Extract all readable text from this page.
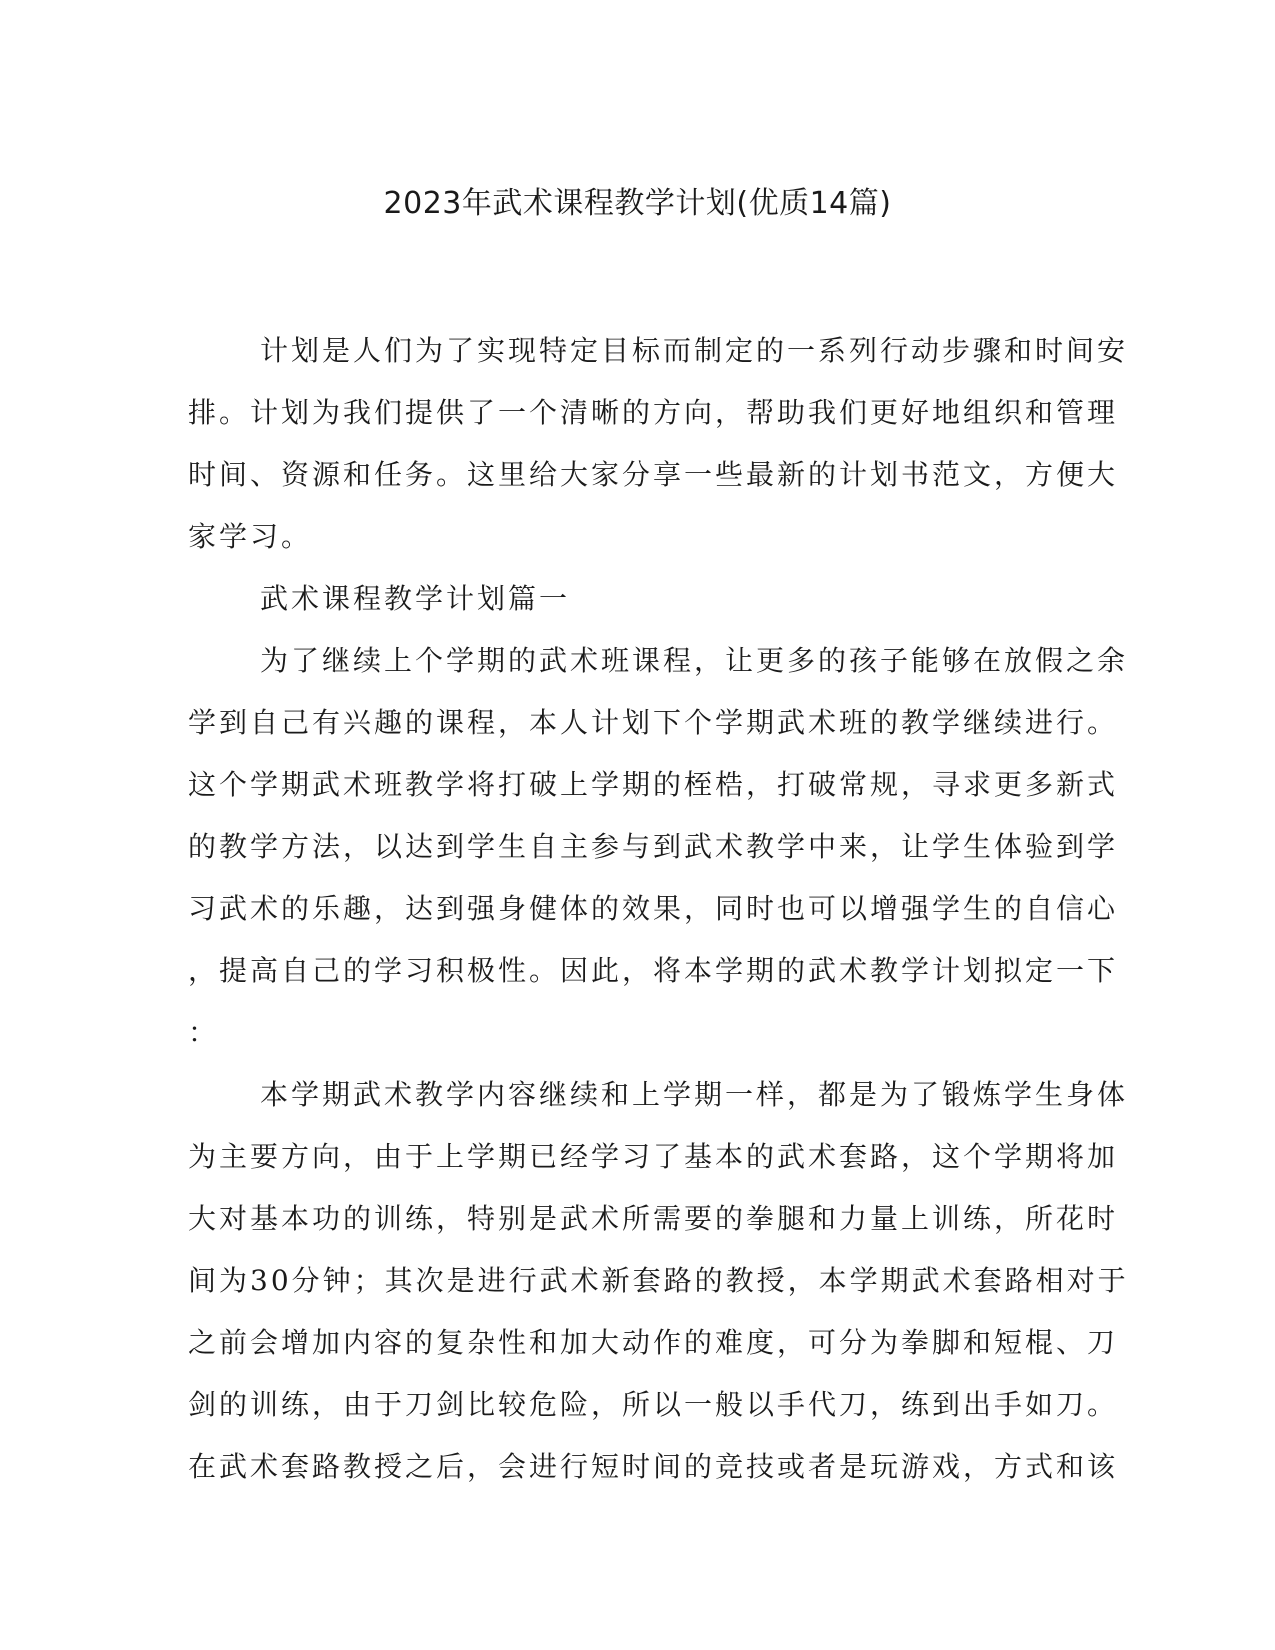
2023年武术课程教学计划(优质14篇)
计划是人们为了实现特定目标而制定的一系列行动步骤和时间安
排。计划为我们提供了一个清晰的方向，帮助我们更好地组织和管理
时间、资源和任务。这里给大家分享一些最新的计划书范文，方便大
家学习。
武术课程教学计划篇一
为了继续上个学期的武术班课程，让更多的孩子能够在放假之余
学到自己有兴趣的课程，本人计划下个学期武术班的教学继续进行。
这个学期武术班教学将打破上学期的桎梏，打破常规，寻求更多新式
的教学方法，以达到学生自主参与到武术教学中来，让学生体验到学
习武术的乐趣，达到强身健体的效果，同时也可以增强学生的自信心
，提高自己的学习积极性。因此，将本学期的武术教学计划拟定一下
：
本学期武术教学内容继续和上学期一样，都是为了锻炼学生身体
为主要方向，由于上学期已经学习了基本的武术套路，这个学期将加
大对基本功的训练，特别是武术所需要的拳腿和力量上训练，所花时
间为30分钟；其次是进行武术新套路的教授，本学期武术套路相对于
之前会增加内容的复杂性和加大动作的难度，可分为拳脚和短棍、刀
剑的训练，由于刀剑比较危险，所以一般以手代刀，练到出手如刀。
在武术套路教授之后，会进行短时间的竞技或者是玩游戏，方式和该
